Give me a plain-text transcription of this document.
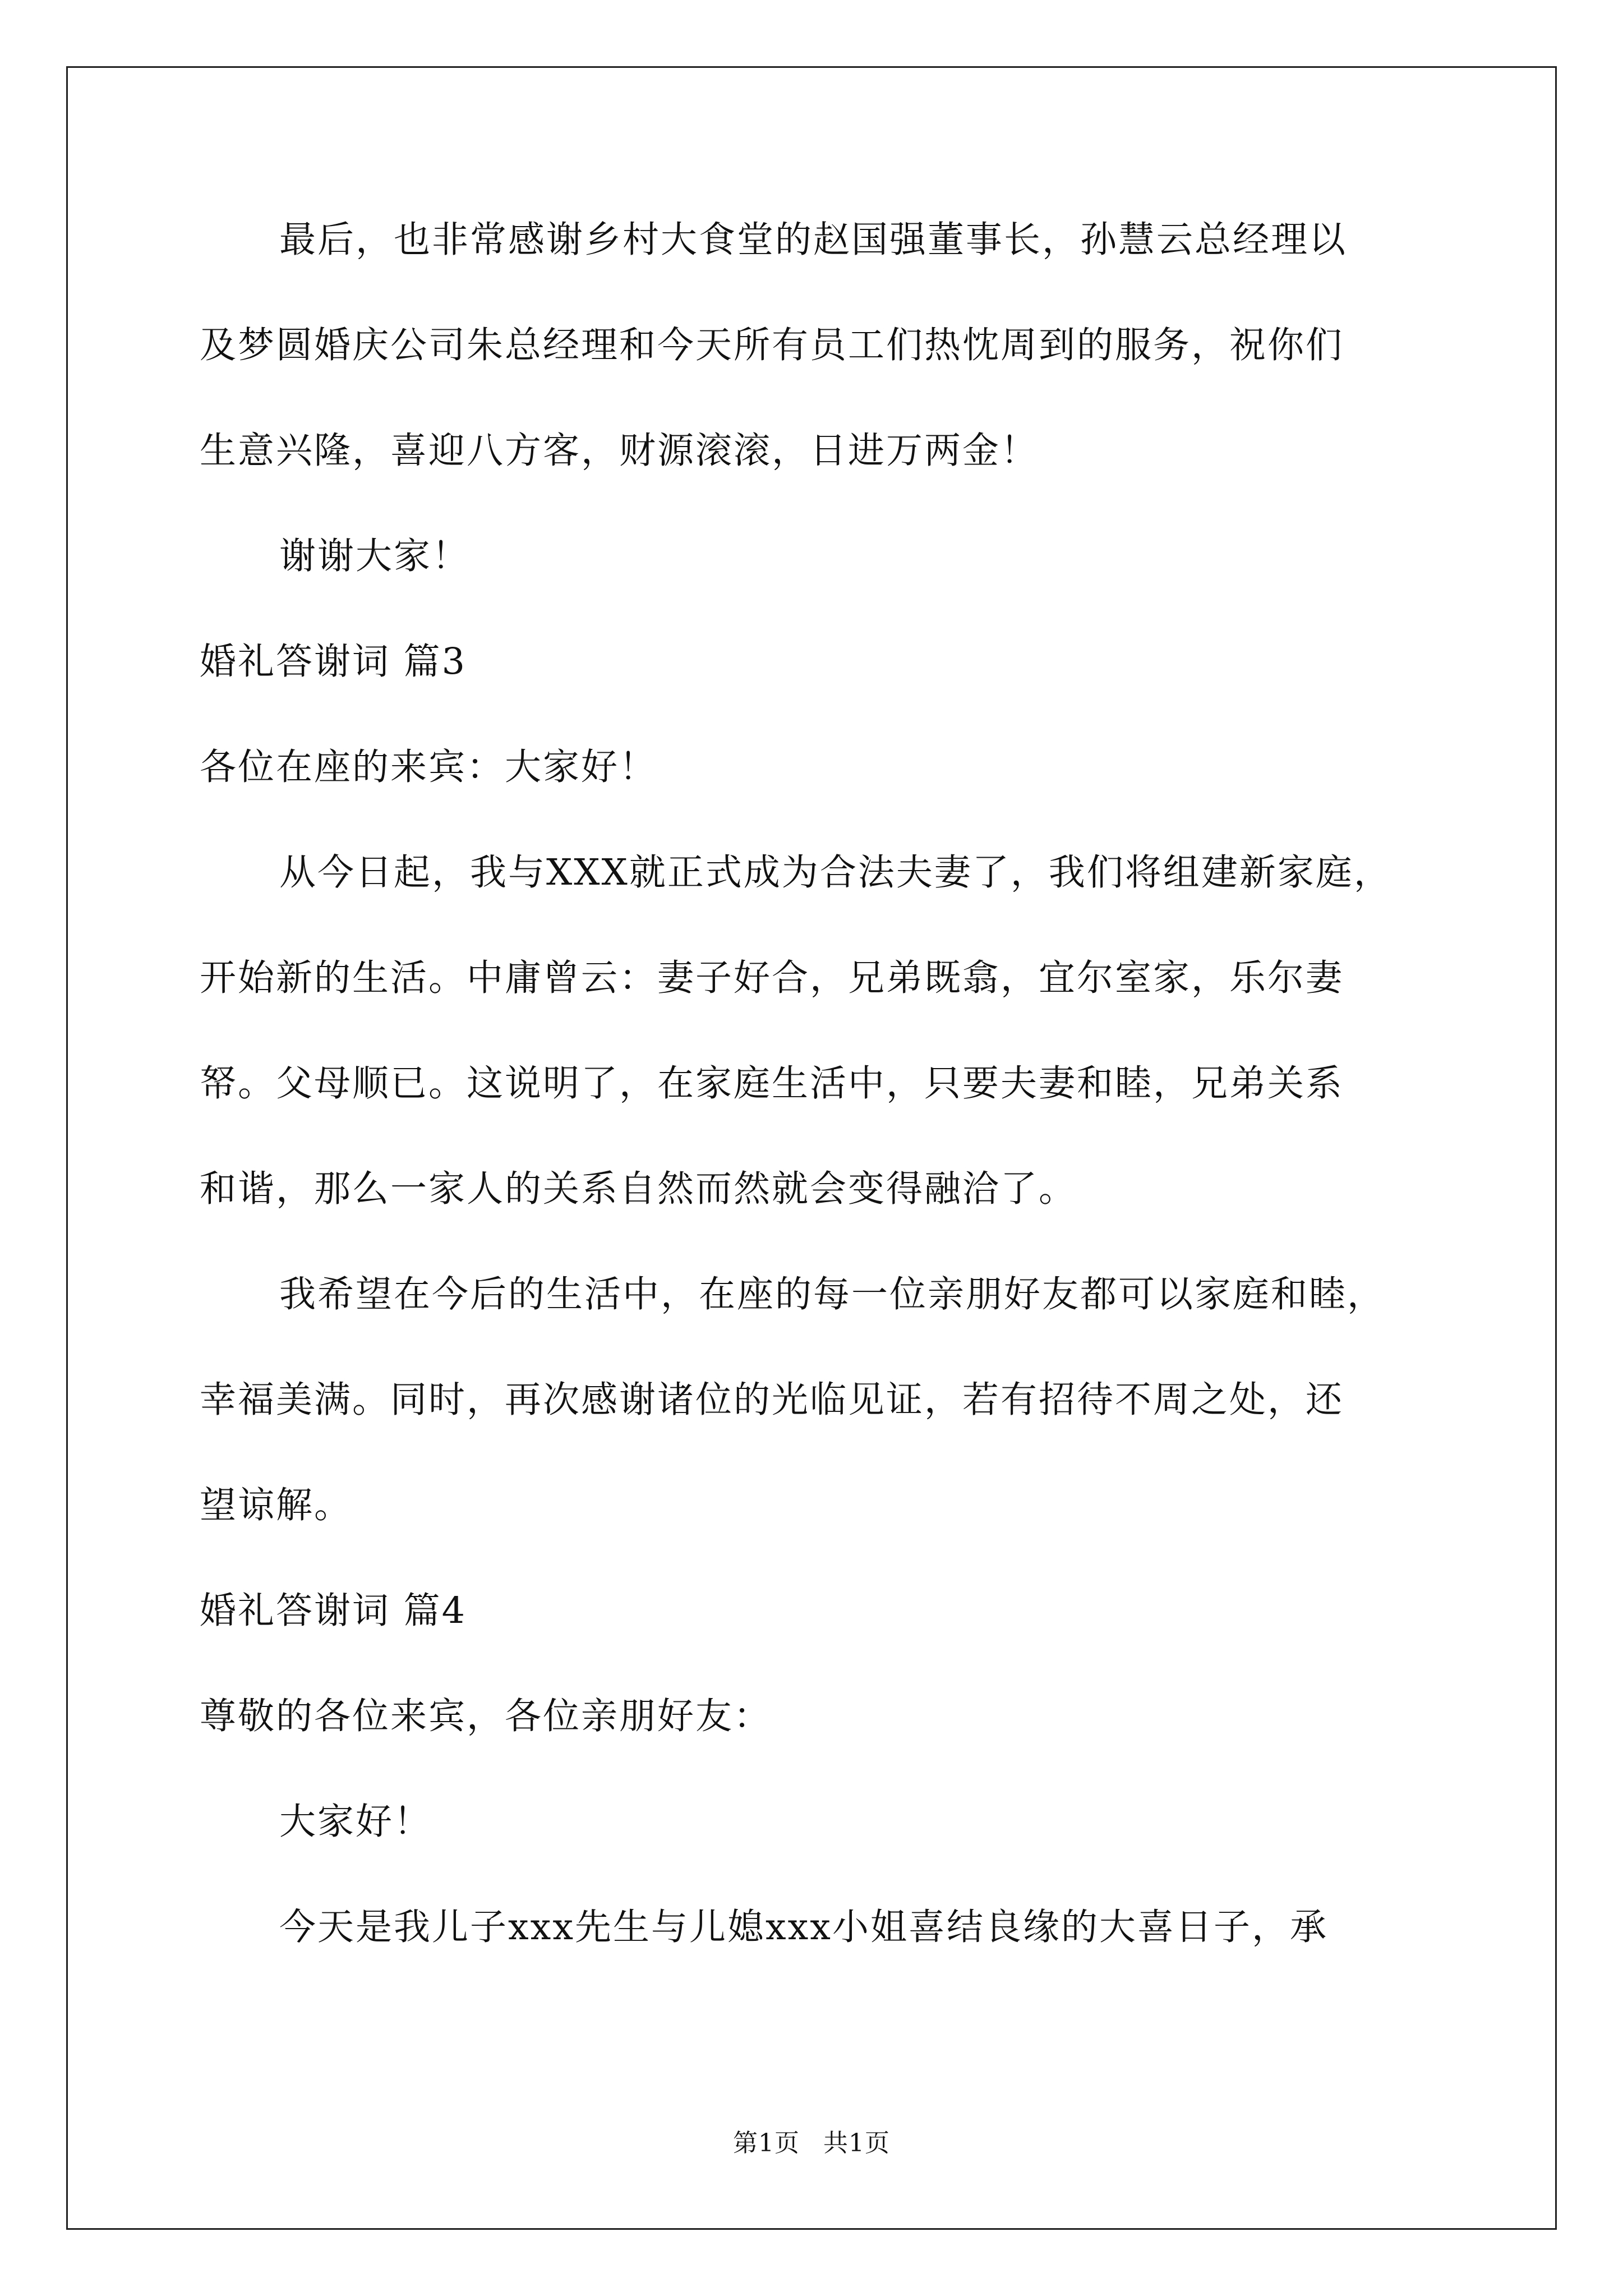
最后，也非常感谢乡村大食堂的赵国强董事长，孙慧云总经理以
及梦圆婚庆公司朱总经理和今天所有员工们热忱周到的服务，祝你们
生意兴隆，喜迎八方客，财源滚滚，日进万两金！
谢谢大家！
婚礼答谢词 篇3
各位在座的来宾：大家好！
从今日起，我与XXX就正式成为合法夫妻了，我们将组建新家庭，
开始新的生活。中庸曾云：妻子好合，兄弟既翕，宜尔室家，乐尔妻
帑。父母顺已。这说明了，在家庭生活中，只要夫妻和睦，兄弟关系
和谐，那么一家人的关系自然而然就会变得融洽了。
我希望在今后的生活中，在座的每一位亲朋好友都可以家庭和睦，
幸福美满。同时，再次感谢诸位的光临见证，若有招待不周之处，还
望谅解。
婚礼答谢词 篇4
尊敬的各位来宾，各位亲朋好友：
大家好！
今天是我儿子xxx先生与儿媳xxx小姐喜结良缘的大喜日子，承
第1页 共1页
